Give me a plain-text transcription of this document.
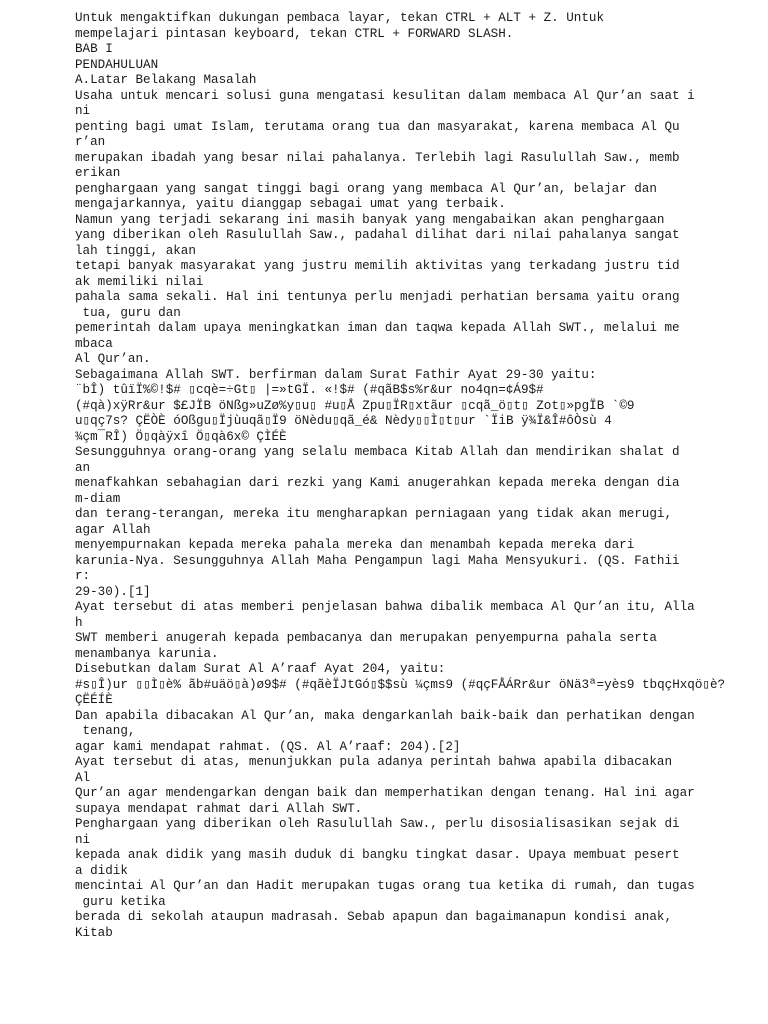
Untuk mengaktifkan dukungan pembaca layar, tekan CTRL + ALT + Z. Untuk
mempelajari pintasan keyboard, tekan CTRL + FORWARD SLASH.
BAB I
PENDAHULUAN
A.Latar Belakang Masalah
Usaha untuk mencari solusi guna mengatasi kesulitan dalam membaca Al Qur’an saat i
ni
penting bagi umat Islam, terutama orang tua dan masyarakat, karena membaca Al Qu
r’an
merupakan ibadah yang besar nilai pahalanya. Terlebih lagi Rasulullah Saw., memb
erikan
penghargaan yang sangat tinggi bagi orang yang membaca Al Qur’an, belajar dan
mengajarkannya, yaitu dianggap sebagai umat yang terbaik.
Namun yang terjadi sekarang ini masih banyak yang mengabaikan akan penghargaan
yang diberikan oleh Rasulullah Saw., padahal dilihat dari nilai pahalanya sangat
lah tinggi, akan
tetapi banyak masyarakat yang justru memilih aktivitas yang terkadang justru tid
ak memiliki nilai
pahala sama sekali. Hal ini tentunya perlu menjadi perhatian bersama yaitu orang
tua, guru dan
pemerintah dalam upaya meningkatkan iman dan taqwa kepada Allah SWT., melalui me
mbaca
Al Qur’an.
Sebagaimana Allah SWT. berfirman dalam Surat Fathir Ayat 29-30 yaitu:
¨bÎ) tûïÏ%©!$# ▯cqè=÷Gt▯ |=»tGÏ. «!$# (#qãB$s%r&ur no4qn=¢Á9$#
(#qà)xÿRr&ur $£JÏB öNßg»uZø%y▯u▯ #u▯Å Zpu▯ÏR▯xtãur ▯cqã_ö▯t▯ Zot▯»pgÏB `©9
u▯qç7s? ÇËÒÈ óOßgu▯Ïjùuqã▯Ï9 öNèdu▯qã_é& Nèdy▯▯Ì▯t▯ur `ÏiB ÿ¾Ï&Î#ôÒsù 4
¾çm¯RÎ) Ö▯qàÿxî Ö▯qà6x© ÇÌÉÈ
Sesungguhnya orang-orang yang selalu membaca Kitab Allah dan mendirikan shalat d
an
menafkahkan sebahagian dari rezki yang Kami anugerahkan kepada mereka dengan dia
m-diam
dan terang-terangan, mereka itu mengharapkan perniagaan yang tidak akan merugi,
agar Allah
menyempurnakan kepada mereka pahala mereka dan menambah kepada mereka dari
karunia-Nya. Sesungguhnya Allah Maha Pengampun lagi Maha Mensyukuri. (QS. Fathii
r:
29-30).[1]
Ayat tersebut di atas memberi penjelasan bahwa dibalik membaca Al Qur’an itu, Alla
h
SWT memberi anugerah kepada pembacanya dan merupakan penyempurna pahala serta
menambanya karunia.
Disebutkan dalam Surat Al A’raaf Ayat 204, yaitu:
#s▯Î)ur ▯▯Ì▯è% ãb#uäö▯à)ø9$# (#qãèÏJtGó▯$$sù ¼çms9 (#qçFÅÁRr&ur öNä3ª=yès9 tbqçHxqö▯è?
ÇËÉÍÈ
Dan apabila dibacakan Al Qur’an, maka dengarkanlah baik-baik dan perhatikan dengan
tenang,
agar kami mendapat rahmat. (QS. Al A’raaf: 204).[2]
Ayat tersebut di atas, menunjukkan pula adanya perintah bahwa apabila dibacakan
Al
Qur’an agar mendengarkan dengan baik dan memperhatikan dengan tenang. Hal ini agar
supaya mendapat rahmat dari Allah SWT.
Penghargaan yang diberikan oleh Rasulullah Saw., perlu disosialisasikan sejak di
ni
kepada anak didik yang masih duduk di bangku tingkat dasar. Upaya membuat pesert
a didik
mencintai Al Qur’an dan Hadit merupakan tugas orang tua ketika di rumah, dan tugas
guru ketika
berada di sekolah ataupun madrasah. Sebab apapun dan bagaimanapun kondisi anak,
Kitab
